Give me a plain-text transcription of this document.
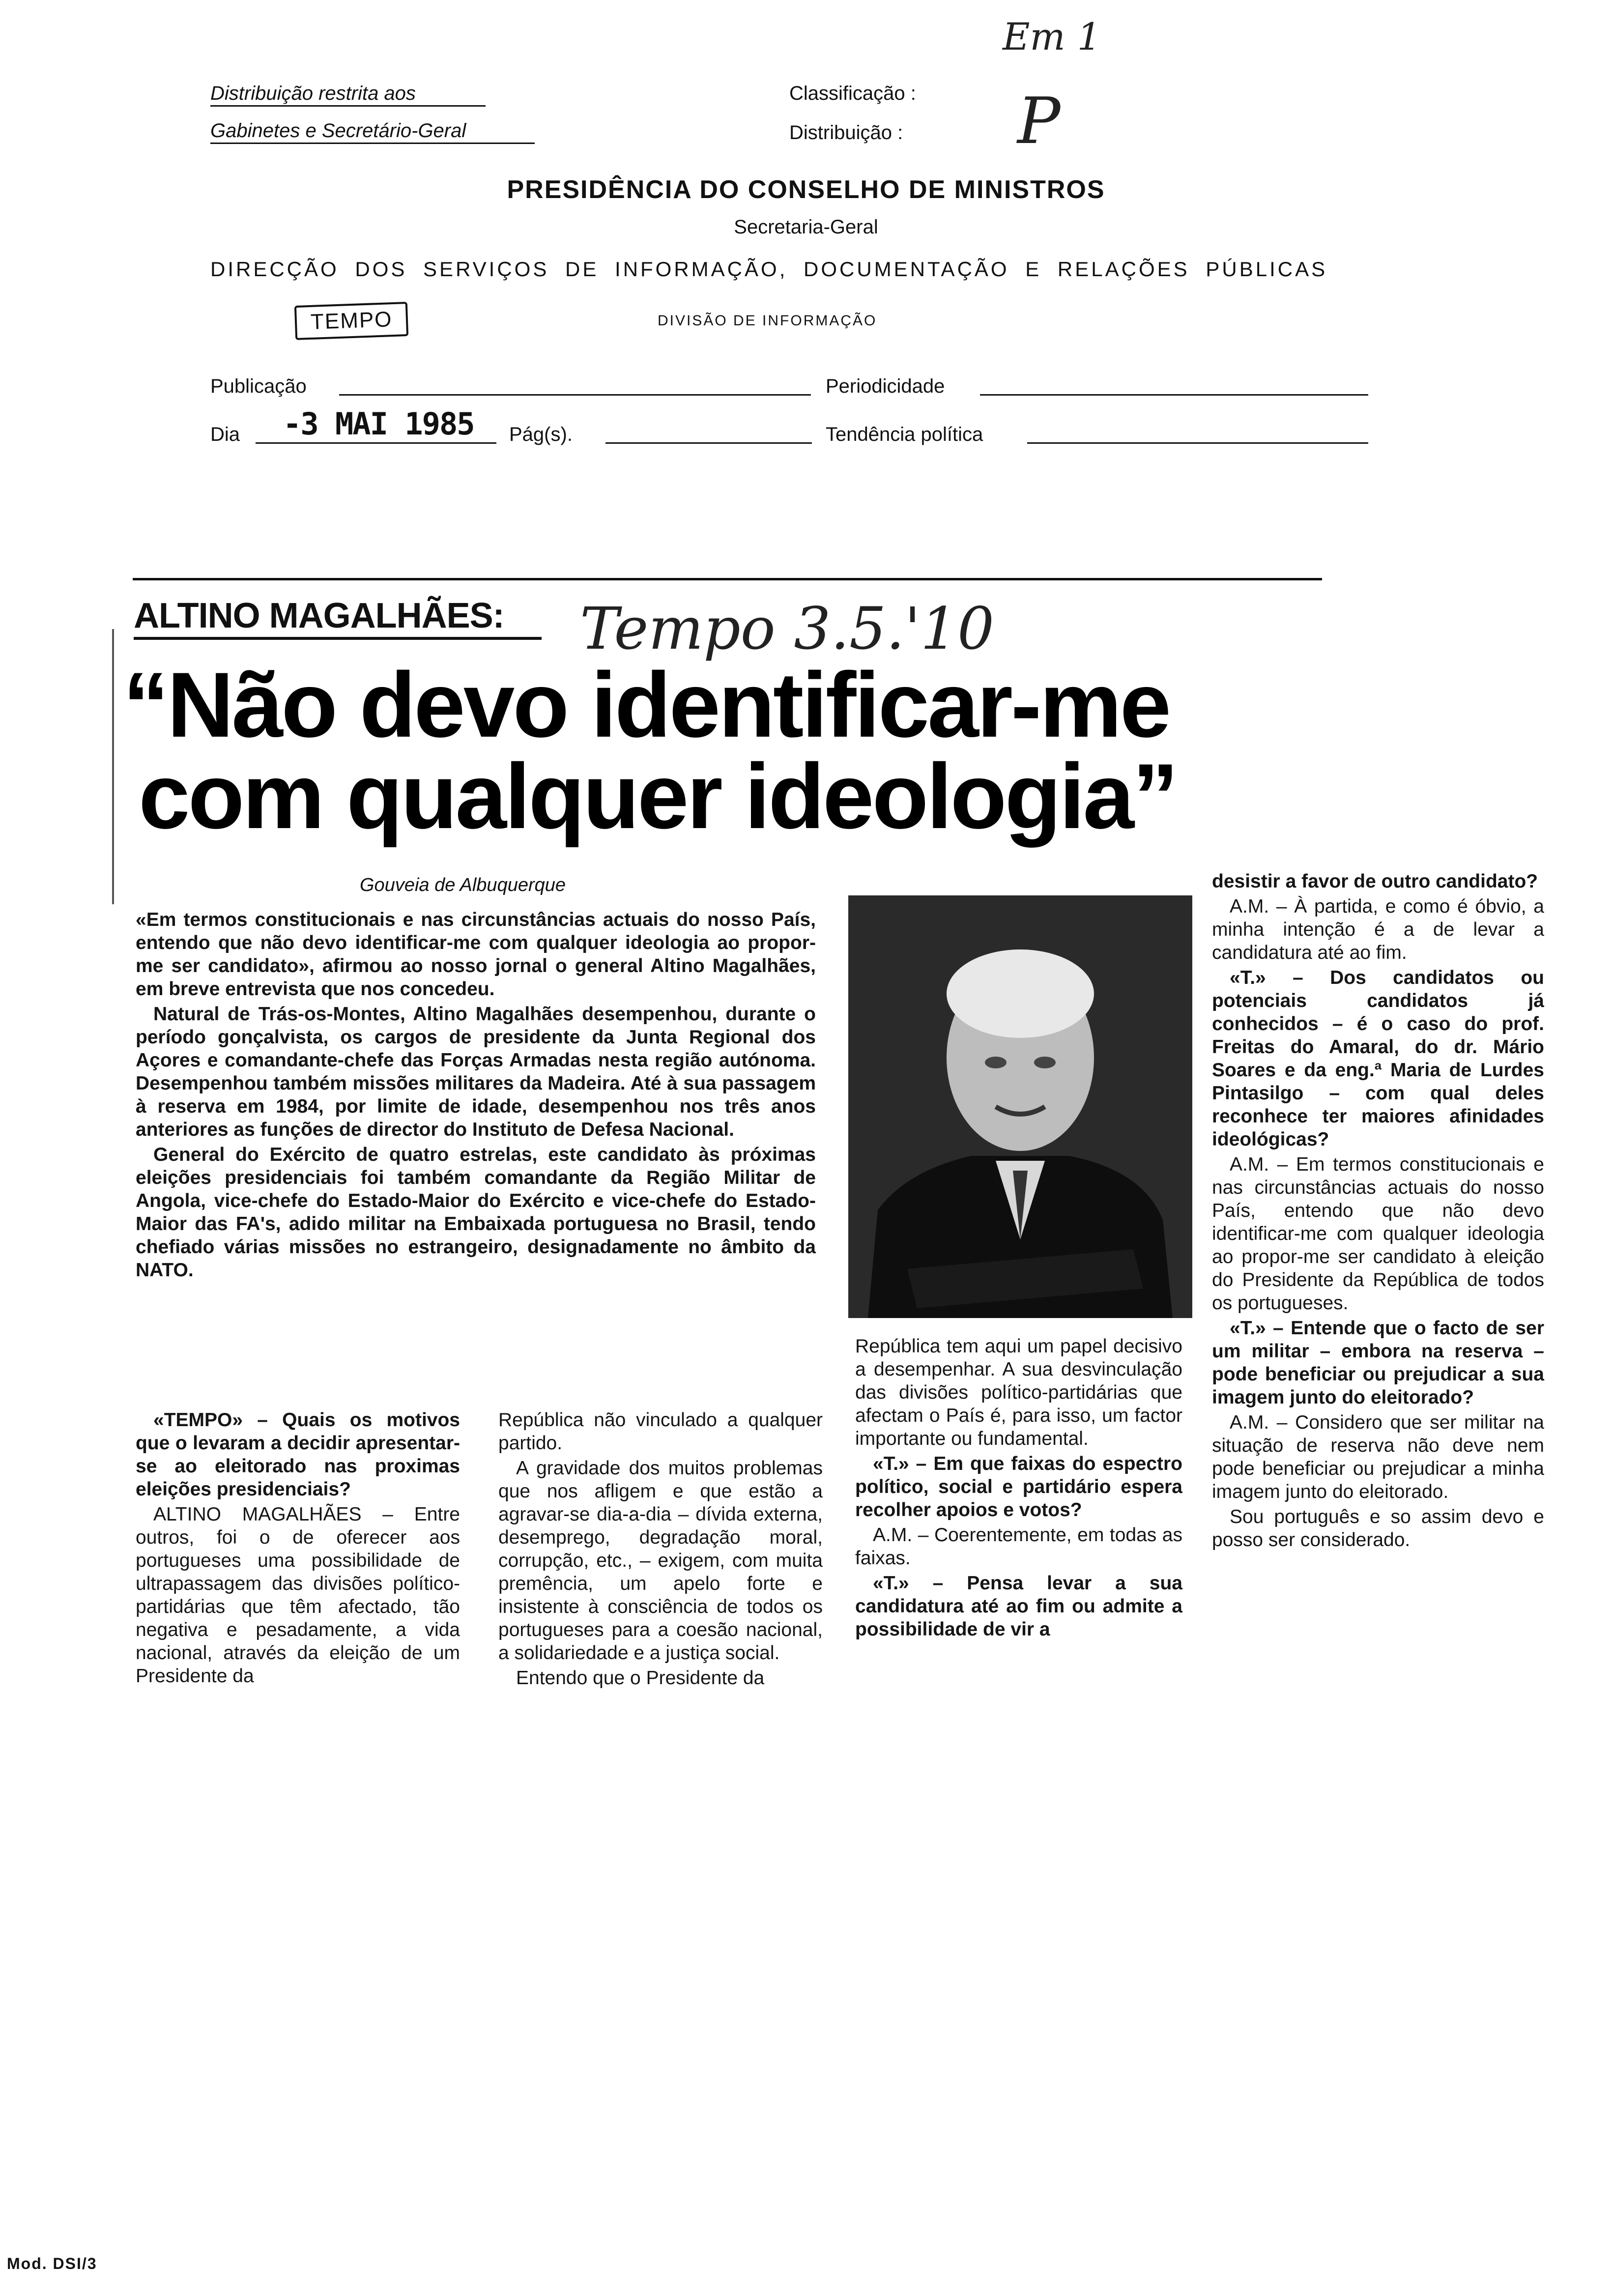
Distribuição restrita aos
Gabinetes e Secretário-Geral
Classificação :
Distribuição :
Em 1
P
PRESIDÊNCIA DO CONSELHO DE MINISTROS
Secretaria-Geral
DIRECÇÃO DOS SERVIÇOS DE INFORMAÇÃO, DOCUMENTAÇÃO E RELAÇÕES PÚBLICAS
TEMPO	DIVISÃO DE INFORMAÇÃO
Publicação	Periodicidade
Dia -3 MAI 1985 Pág(s).	Tendência política
ALTINO MAGALHÃES: Tempo 3.5.'10
“Não devo identificar-me
com qualquer ideologia”
Gouveia de Albuquerque

«Em termos constitucionais e nas circunstâncias actuais do nosso País, entendo que não devo identificar-me com qualquer ideologia ao propor-me ser candidato», afirmou ao nosso jornal o general Altino Magalhães, em breve entrevista que nos concedeu.

Natural de Trás-os-Montes, Altino Magalhães desempenhou, durante o período gonçalvista, os cargos de presidente da Junta Regional dos Açores e comandante-chefe das Forças Armadas nesta região autónoma. Desempenhou também missões militares da Madeira. Até à sua passagem à reserva em 1984, por limite de idade, desempenhou nos três anos anteriores as funções de director do Instituto de Defesa Nacional.

General do Exército de quatro estrelas, este candidato às próximas eleições presidenciais foi também comandante da Região Militar de Angola, vice-chefe do Estado-Maior do Exército e vice-chefe do Estado-Maior das FA's, adido militar na Embaixada portuguesa no Brasil, tendo chefiado várias missões no estrangeiro, designadamente no âmbito da NATO.

«TEMPO» – Quais os motivos que o levaram a decidir apresentar-se ao eleitorado nas proximas eleições presidenciais?

ALTINO MAGALHÃES – Entre outros, foi o de oferecer aos portugueses uma possibilidade de ultrapassagem das divisões político-partidárias que têm afectado, tão negativa e pesadamente, a vida nacional, através da eleição de um Presidente da

República não vinculado a qualquer partido.

A gravidade dos muitos problemas que nos afligem e que estão a agravar-se dia-a-dia – dívida externa, desemprego, degradação moral, corrupção, etc., – exigem, com muita premência, um apelo forte e insistente à consciência de todos os portugueses para a coesão nacional, a solidariedade e a justiça social.

Entendo que o Presidente da

República tem aqui um papel decisivo a desempenhar. A sua desvinculação das divisões político-partidárias que afectam o País é, para isso, um factor importante ou fundamental.

«T.» – Em que faixas do espectro político, social e partidário espera recolher apoios e votos?

A.M. – Coerentemente, em todas as faixas.

«T.» – Pensa levar a sua candidatura até ao fim ou admite a possibilidade de vir a

desistir a favor de outro candidato?

A.M. – À partida, e como é óbvio, a minha intenção é a de levar a candidatura até ao fim.

«T.» – Dos candidatos ou potenciais candidatos já conhecidos – é o caso do prof. Freitas do Amaral, do dr. Mário Soares e da eng.ª Maria de Lurdes Pintasilgo – com qual deles reconhece ter maiores afinidades ideológicas?

A.M. – Em termos constitucionais e nas circunstâncias actuais do nosso País, entendo que não devo identificar-me com qualquer ideologia ao propor-me ser candidato à eleição do Presidente da República de todos os portugueses.

«T.» – Entende que o facto de ser um militar – embora na reserva – pode beneficiar ou prejudicar a sua imagem junto do eleitorado?

A.M. – Considero que ser militar na situação de reserva não deve nem pode beneficiar ou prejudicar a minha imagem junto do eleitorado.

Sou português e so assim devo e posso ser considerado.

Mod. DSI/3
